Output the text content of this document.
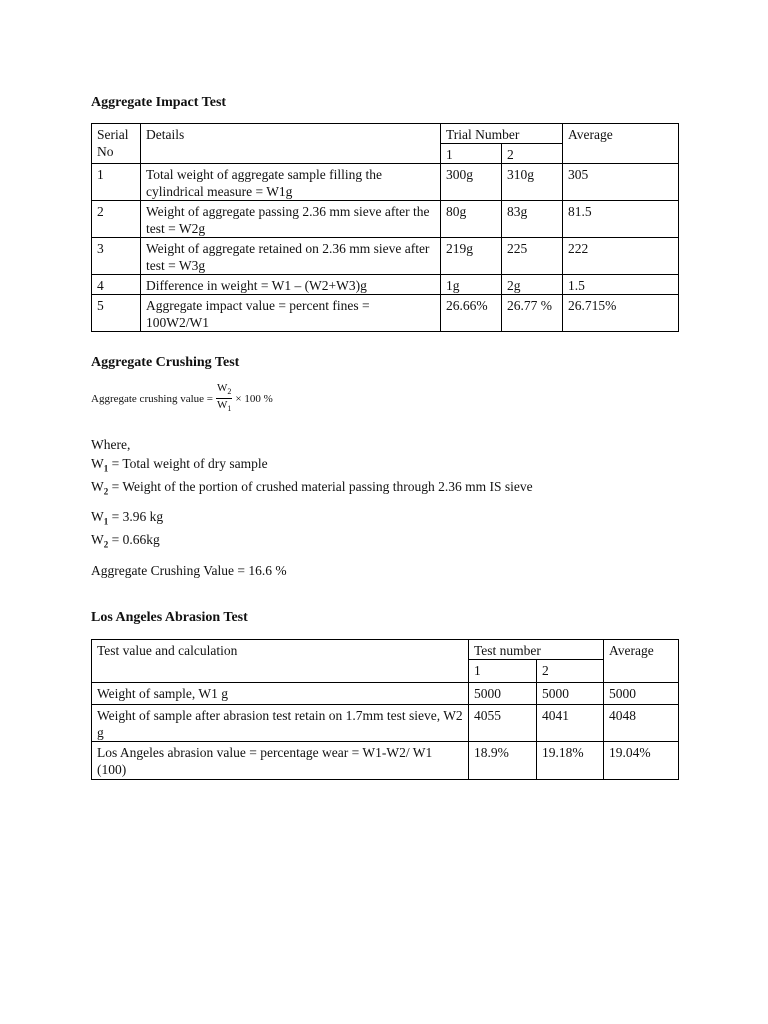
Aggregate Impact Test
Serial No	Details	Trial Number		Average
		1	2	
1	Total weight of aggregate sample filling the cylindrical measure = W1g	300g	310g	305
2	Weight of aggregate passing 2.36 mm sieve after the test = W2g	80g	83g	81.5
3	Weight of aggregate retained on 2.36 mm sieve after test = W3g	219g	225	222
4	Difference in weight = W1 – (W2+W3)g	1g	2g	1.5
5	Aggregate impact value = percent fines = 100W2/W1	26.66%	26.77 %	26.715%
Aggregate Crushing Test
Aggregate crushing value = $\frac{W_2}{W_1} \times 100$ %
Where,
$W_1$ = Total weight of dry sample
$W_2$ = Weight of the portion of crushed material passing through 2.36 mm IS sieve
$W_1 = 3.96$ kg
$W_2 = 0.66kg$
Aggregate Crushing Value = 16.6 %
Los Angeles Abrasion Test
Test value and calculation	Test number		Average
	1	2	
Weight of sample, W1 g	5000	5000	5000
Weight of sample after abrasion test retain on 1.7mm test sieve, W2 g	4055	4041	4048
Los Angeles abrasion value = percentage wear = W1-W2/ W1 (100)	18.9%	19.18%	19.04%
